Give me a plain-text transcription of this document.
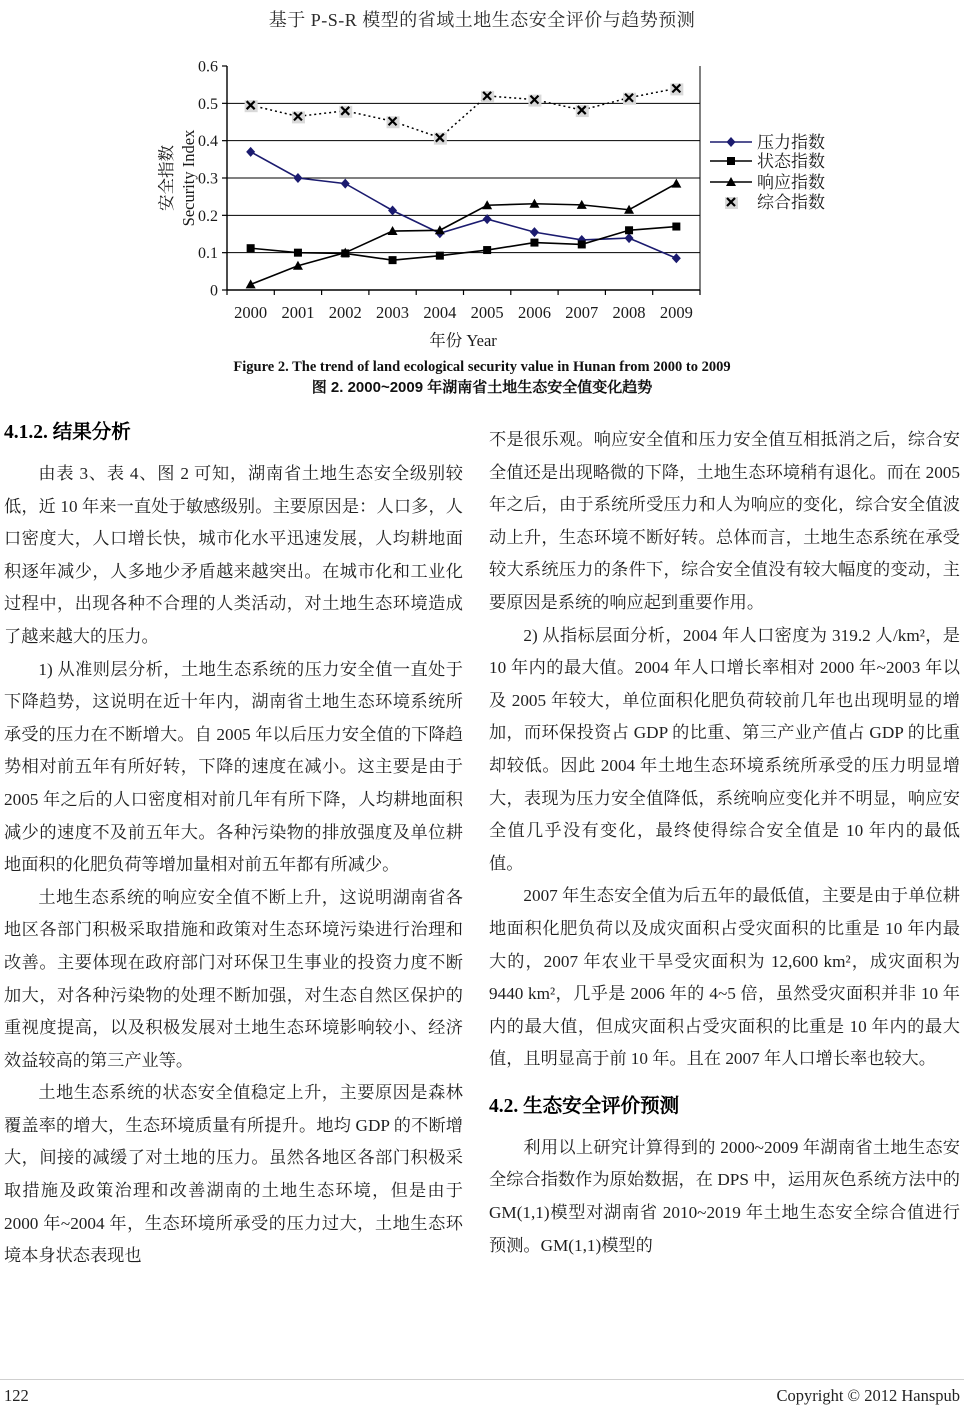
基于 P-S-R 模型的省域土地生态安全评价与趋势预测
0
0.1
0.2
0.3
0.4
0.5
0.6
2000 2001 2002 2003 2004 2005 2006 2007 2008 2009
年份 Year
安全指数 Security Index	压力指数
状态指数
响应指数
综合指数
Figure 2. The trend of land ecological security value in Hunan from 2000 to 2009
图 2. 2000~2009 年湖南省土地生态安全值变化趋势
4.1.2. 结果分析

由表 3、表 4、图 2 可知，湖南省土地生态安全级别较低，近 10 年来一直处于敏感级别。主要原因是：人口多，人口密度大，人口增长快，城市化水平迅速发展，人均耕地面积逐年减少，人多地少矛盾越来越突出。在城市化和工业化过程中，出现各种不合理的人类活动，对土地生态环境造成了越来越大的压力。

1) 从准则层分析，土地生态系统的压力安全值一直处于下降趋势，这说明在近十年内，湖南省土地生态环境系统所承受的压力在不断增大。自 2005 年以后压力安全值的下降趋势相对前五年有所好转，下降的速度在减小。这主要是由于 2005 年之后的人口密度相对前几年有所下降，人均耕地面积减少的速度不及前五年大。各种污染物的排放强度及单位耕地面积的化肥负荷等增加量相对前五年都有所减少。

土地生态系统的响应安全值不断上升，这说明湖南省各地区各部门积极采取措施和政策对生态环境污染进行治理和改善。主要体现在政府部门对环保卫生事业的投资力度不断加大，对各种污染物的处理不断加强，对生态自然区保护的重视度提高，以及积极发展对土地生态环境影响较小、经济效益较高的第三产业等。

土地生态系统的状态安全值稳定上升，主要原因是森林覆盖率的增大，生态环境质量有所提升。地均 GDP 的不断增大，间接的减缓了对土地的压力。虽然各地区各部门积极采取措施及政策治理和改善湖南的土地生态环境，但是由于 2000 年~2004 年，生态环境所承受的压力过大，土地生态环境本身状态表现也

不是很乐观。响应安全值和压力安全值互相抵消之后，综合安全值还是出现略微的下降，土地生态环境稍有退化。而在 2005 年之后，由于系统所受压力和人为响应的变化，综合安全值波动上升，生态环境不断好转。总体而言，土地生态系统在承受较大系统压力的条件下，综合安全值没有较大幅度的变动，主要原因是系统的响应起到重要作用。

2) 从指标层面分析，2004 年人口密度为 319.2 人/km²，是 10 年内的最大值。2004 年人口增长率相对 2000 年~2003 年以及 2005 年较大，单位面积化肥负荷较前几年也出现明显的增加，而环保投资占 GDP 的比重、第三产业产值占 GDP 的比重却较低。因此 2004 年土地生态环境系统所承受的压力明显增大，表现为压力安全值降低，系统响应变化并不明显，响应安全值几乎没有变化，最终使得综合安全值是 10 年内的最低值。

2007 年生态安全值为后五年的最低值，主要是由于单位耕地面积化肥负荷以及成灾面积占受灾面积的比重是 10 年内最大的，2007 年农业干旱受灾面积为 12,600 km²，成灾面积为 9440 km²，几乎是 2006 年的 4~5 倍，虽然受灾面积并非 10 年内的最大值，但成灾面积占受灾面积的比重是 10 年内的最大值，且明显高于前 10 年。且在 2007 年人口增长率也较大。

4.2. 生态安全评价预测

利用以上研究计算得到的 2000~2009 年湖南省土地生态安全综合指数作为原始数据，在 DPS 中，运用灰色系统方法中的 GM(1,1)模型对湖南省 2010~2019 年土地生态安全综合值进行预测。GM(1,1)模型的

122	Copyright © 2012 Hanspub
